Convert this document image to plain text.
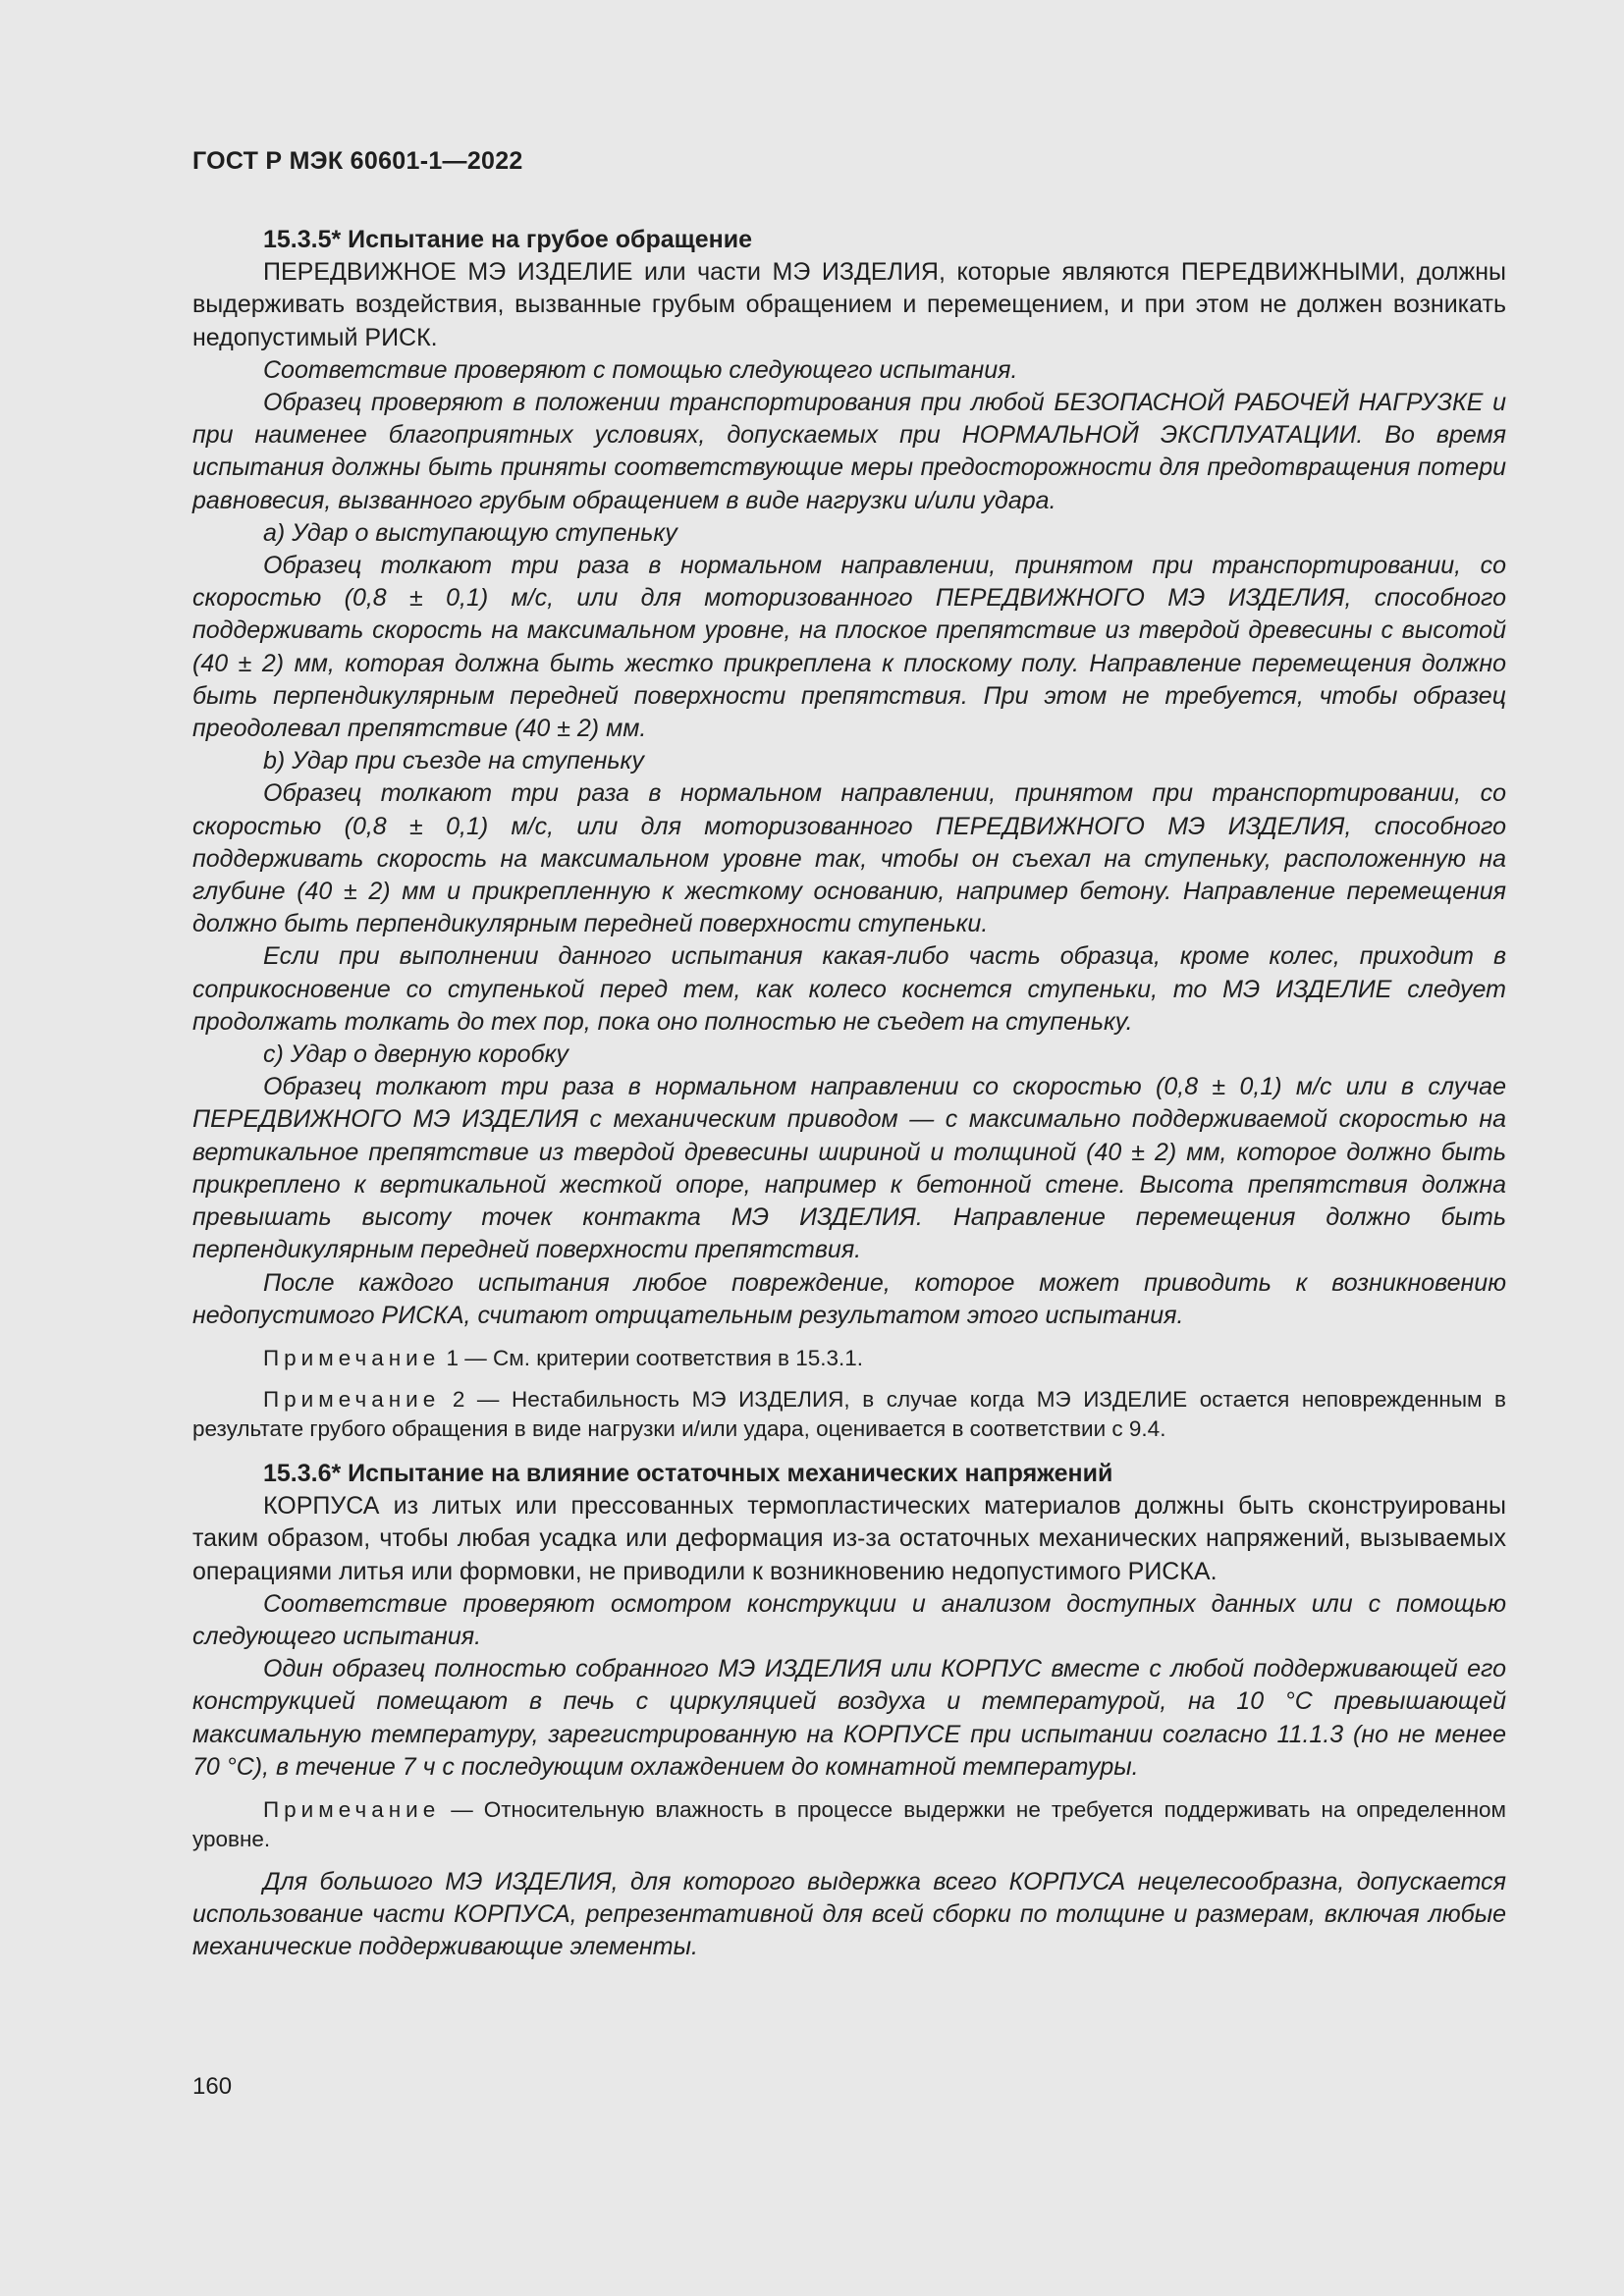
ГОСТ Р МЭК 60601-1—2022

15.3.5* Испытание на грубое обращение

ПЕРЕДВИЖНОЕ МЭ ИЗДЕЛИЕ или части МЭ ИЗДЕЛИЯ, которые являются ПЕРЕДВИЖНЫМИ, должны выдерживать воздействия, вызванные грубым обращением и перемещением, и при этом не должен возникать недопустимый РИСК.

Соответствие проверяют с помощью следующего испытания.

Образец проверяют в положении транспортирования при любой БЕЗОПАСНОЙ РАБОЧЕЙ НАГРУЗКЕ и при наименее благоприятных условиях, допускаемых при НОРМАЛЬНОЙ ЭКСПЛУАТАЦИИ. Во время испытания должны быть приняты соответствующие меры предосторожности для предотвращения потери равновесия, вызванного грубым обращением в виде нагрузки и/или удара.

a) Удар о выступающую ступеньку

Образец толкают три раза в нормальном направлении, принятом при транспортировании, со скоростью (0,8 ± 0,1) м/с, или для моторизованного ПЕРЕДВИЖНОГО МЭ ИЗДЕЛИЯ, способного поддерживать скорость на максимальном уровне, на плоское препятствие из твердой древесины с высотой (40 ± 2) мм, которая должна быть жестко прикреплена к плоскому полу. Направление перемещения должно быть перпендикулярным передней поверхности препятствия. При этом не требуется, чтобы образец преодолевал препятствие (40 ± 2) мм.

b) Удар при съезде на ступеньку

Образец толкают три раза в нормальном направлении, принятом при транспортировании, со скоростью (0,8 ± 0,1) м/с, или для моторизованного ПЕРЕДВИЖНОГО МЭ ИЗДЕЛИЯ, способного поддерживать скорость на максимальном уровне так, чтобы он съехал на ступеньку, расположенную на глубине (40 ± 2) мм и прикрепленную к жесткому основанию, например бетону. Направление перемещения должно быть перпендикулярным передней поверхности ступеньки.

Если при выполнении данного испытания какая-либо часть образца, кроме колес, приходит в соприкосновение со ступенькой перед тем, как колесо коснется ступеньки, то МЭ ИЗДЕЛИЕ следует продолжать толкать до тех пор, пока оно полностью не съедет на ступеньку.

c) Удар о дверную коробку

Образец толкают три раза в нормальном направлении со скоростью (0,8 ± 0,1) м/с или в случае ПЕРЕДВИЖНОГО МЭ ИЗДЕЛИЯ с механическим приводом — с максимально поддерживаемой скоростью на вертикальное препятствие из твердой древесины шириной и толщиной (40 ± 2) мм, которое должно быть прикреплено к вертикальной жесткой опоре, например к бетонной стене. Высота препятствия должна превышать высоту точек контакта МЭ ИЗДЕЛИЯ. Направление перемещения должно быть перпендикулярным передней поверхности препятствия.

После каждого испытания любое повреждение, которое может приводить к возникновению недопустимого РИСКА, считают отрицательным результатом этого испытания.

Примечание 1 — См. критерии соответствия в 15.3.1.

Примечание 2 — Нестабильность МЭ ИЗДЕЛИЯ, в случае когда МЭ ИЗДЕЛИЕ остается неповрежденным в результате грубого обращения в виде нагрузки и/или удара, оценивается в соответствии с 9.4.

15.3.6* Испытание на влияние остаточных механических напряжений

КОРПУСА из литых или прессованных термопластических материалов должны быть сконструированы таким образом, чтобы любая усадка или деформация из-за остаточных механических напряжений, вызываемых операциями литья или формовки, не приводили к возникновению недопустимого РИСКА.

Соответствие проверяют осмотром конструкции и анализом доступных данных или с помощью следующего испытания.

Один образец полностью собранного МЭ ИЗДЕЛИЯ или КОРПУС вместе с любой поддерживающей его конструкцией помещают в печь с циркуляцией воздуха и температурой, на 10 °С превышающей максимальную температуру, зарегистрированную на КОРПУСЕ при испытании согласно 11.1.3 (но не менее 70 °С), в течение 7 ч с последующим охлаждением до комнатной температуры.

Примечание — Относительную влажность в процессе выдержки не требуется поддерживать на определенном уровне.

Для большого МЭ ИЗДЕЛИЯ, для которого выдержка всего КОРПУСА нецелесообразна, допускается использование части КОРПУСА, репрезентативной для всей сборки по толщине и размерам, включая любые механические поддерживающие элементы.

160
